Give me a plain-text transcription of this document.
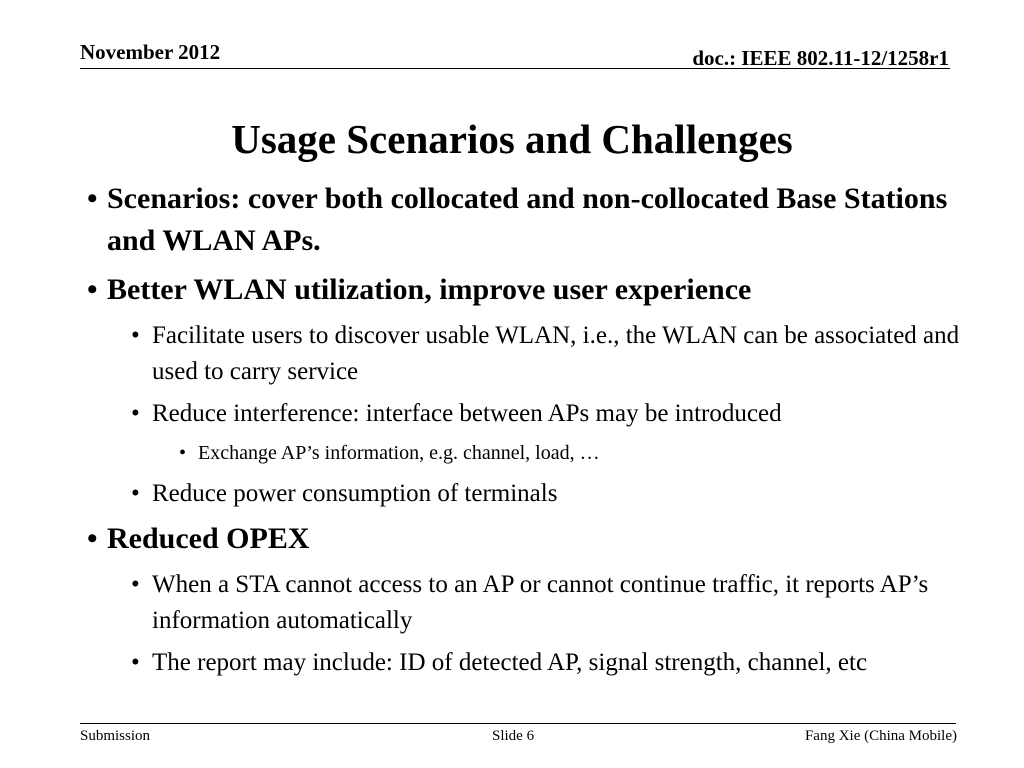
November 2012	doc.: IEEE 802.11-12/1258r1
Usage Scenarios and Challenges
• Scenarios: cover both collocated and non-collocated Base Stations and WLAN APs.
• Better WLAN utilization, improve user experience
• Facilitate users to discover usable WLAN, i.e., the WLAN can be associated and used to carry service
• Reduce interference: interface between APs may be introduced
• Exchange AP’s information, e.g. channel, load, …
• Reduce power consumption of terminals
• Reduced OPEX
• When a STA cannot access to an AP or cannot continue traffic, it reports AP’s information automatically
• The report may include: ID of detected AP, signal strength, channel, etc
Submission	Slide 6	Fang Xie (China Mobile)
